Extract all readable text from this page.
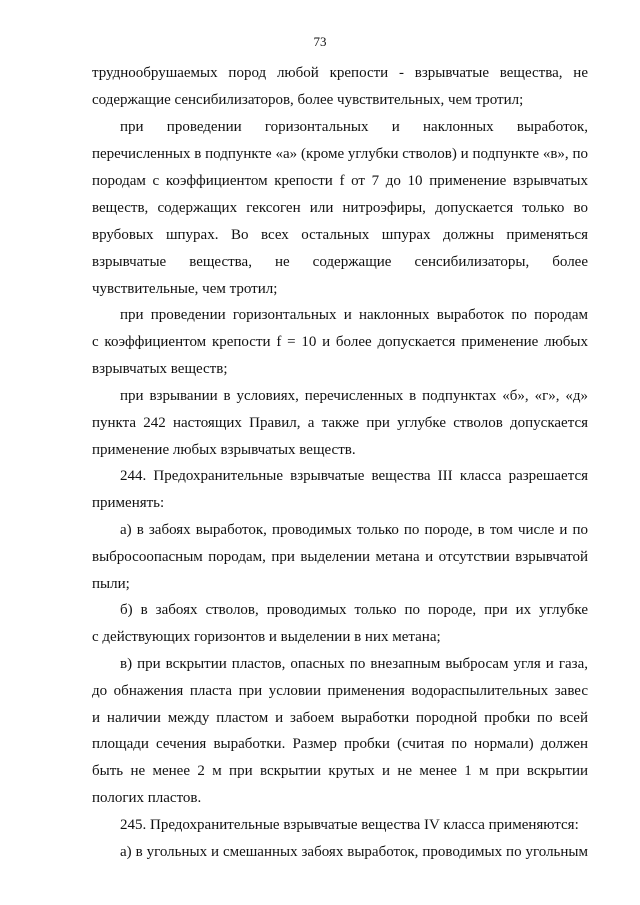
73
труднообрушаемых пород любой крепости - взрывчатые вещества, не
содержащие сенсибилизаторов, более чувствительных, чем тротил;
при проведении горизонтальных и наклонных выработок,
перечисленных в подпункте «а» (кроме углубки стволов) и подпункте «в», по
породам с коэффициентом крепости f от 7 до 10 применение взрывчатых
веществ, содержащих гексоген или нитроэфиры, допускается только во
врубовых шпурах. Во всех остальных шпурах должны применяться
взрывчатые вещества, не содержащие сенсибилизаторы, более
чувствительные, чем тротил;
при проведении горизонтальных и наклонных выработок по породам
с коэффициентом крепости f = 10 и более допускается применение любых
взрывчатых веществ;
при взрывании в условиях, перечисленных в подпунктах «б», «г», «д»
пункта 242 настоящих Правил, а также при углубке стволов допускается
применение любых взрывчатых веществ.
244. Предохранительные взрывчатые вещества III класса разрешается
применять:
а) в забоях выработок, проводимых только по породе, в том числе и по
выбросоопасным породам, при выделении метана и отсутствии взрывчатой
пыли;
б) в забоях стволов, проводимых только по породе, при их углубке
с действующих горизонтов и выделении в них метана;
в) при вскрытии пластов, опасных по внезапным выбросам угля и газа,
до обнажения пласта при условии применения водораспылительных завес
и наличии между пластом и забоем выработки породной пробки по всей
площади сечения выработки. Размер пробки (считая по нормали) должен
быть не менее 2 м при вскрытии крутых и не менее 1 м при вскрытии
пологих пластов.
245. Предохранительные взрывчатые вещества IV класса применяются:
а) в угольных и смешанных забоях выработок, проводимых по угольным
